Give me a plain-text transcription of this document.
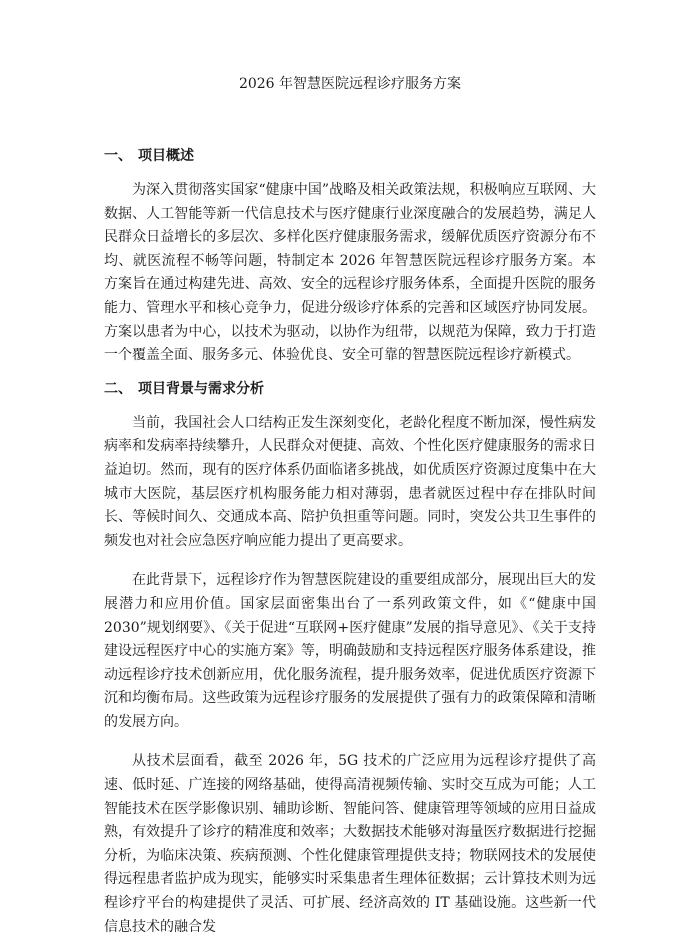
2026 年智慧医院远程诊疗服务方案
一、 项目概述

为深入贯彻落实国家“健康中国”战略及相关政策法规，积极响应互联网、大数据、人工智能等新一代信息技术与医疗健康行业深度融合的发展趋势，满足人民群众日益增长的多层次、多样化医疗健康服务需求，缓解优质医疗资源分布不均、就医流程不畅等问题，特制定本 2026 年智慧医院远程诊疗服务方案。本方案旨在通过构建先进、高效、安全的远程诊疗服务体系，全面提升医院的服务能力、管理水平和核心竞争力，促进分级诊疗体系的完善和区域医疗协同发展。方案以患者为中心，以技术为驱动，以协作为纽带，以规范为保障，致力于打造一个覆盖全面、服务多元、体验优良、安全可靠的智慧医院远程诊疗新模式。

二、 项目背景与需求分析

当前，我国社会人口结构正发生深刻变化，老龄化程度不断加深，慢性病发病率和发病率持续攀升，人民群众对便捷、高效、个性化医疗健康服务的需求日益迫切。然而，现有的医疗体系仍面临诸多挑战，如优质医疗资源过度集中在大城市大医院，基层医疗机构服务能力相对薄弱，患者就医过程中存在排队时间长、等候时间久、交通成本高、陪护负担重等问题。同时，突发公共卫生事件的频发也对社会应急医疗响应能力提出了更高要求。

在此背景下，远程诊疗作为智慧医院建设的重要组成部分，展现出巨大的发展潜力和应用价值。国家层面密集出台了一系列政策文件，如《“健康中国 2030”规划纲要》、《关于促进“互联网+医疗健康”发展的指导意见》、《关于支持建设远程医疗中心的实施方案》等，明确鼓励和支持远程医疗服务体系建设，推动远程诊疗技术创新应用，优化服务流程，提升服务效率，促进优质医疗资源下沉和均衡布局。这些政策为远程诊疗服务的发展提供了强有力的政策保障和清晰的发展方向。

从技术层面看，截至 2026 年，5G 技术的广泛应用为远程诊疗提供了高速、低时延、广连接的网络基础，使得高清视频传输、实时交互成为可能；人工智能技术在医学影像识别、辅助诊断、智能问答、健康管理等领域的应用日益成熟，有效提升了诊疗的精准度和效率；大数据技术能够对海量医疗数据进行挖掘分析，为临床决策、疾病预测、个性化健康管理提供支持；物联网技术的发展使得远程患者监护成为现实，能够实时采集患者生理体征数据；云计算技术则为远程诊疗平台的构建提供了灵活、可扩展、经济高效的 IT 基础设施。这些新一代信息技术的融合发
